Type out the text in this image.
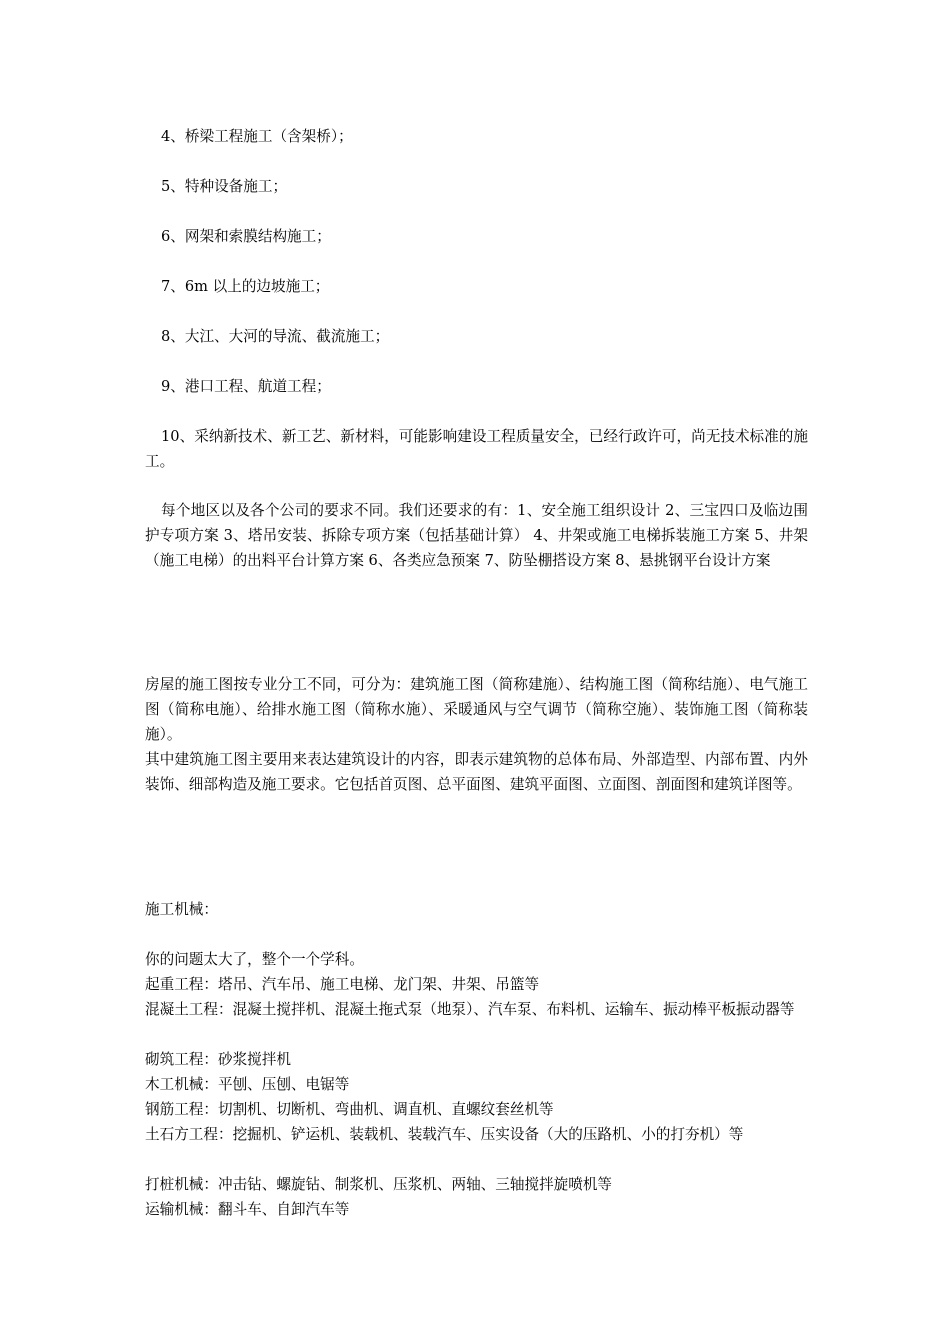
4、桥梁工程施工（含架桥）；
5、特种设备施工；
6、网架和索膜结构施工；
7、6m 以上的边坡施工；
8、大江、大河的导流、截流施工；
9、港口工程、航道工程；
10、采纳新技术、新工艺、新材料，可能影响建设工程质量安全，已经行政许可，尚无技术标准的施工。
每个地区以及各个公司的要求不同。我们还要求的有：1、安全施工组织设计 2、三宝四口及临边围护专项方案 3、塔吊安装、拆除专项方案（包括基础计算） 4、井架或施工电梯拆装施工方案 5、井架（施工电梯）的出料平台计算方案 6、各类应急预案 7、防坠棚搭设方案 8、悬挑钢平台设计方案
房屋的施工图按专业分工不同，可分为：建筑施工图（简称建施）、结构施工图（简称结施）、电气施工图（简称电施）、给排水施工图（简称水施）、采暖通风与空气调节（简称空施）、装饰施工图（简称装施）。
其中建筑施工图主要用来表达建筑设计的内容，即表示建筑物的总体布局、外部造型、内部布置、内外装饰、细部构造及施工要求。它包括首页图、总平面图、建筑平面图、立面图、剖面图和建筑详图等。
施工机械：
你的问题太大了，整个一个学科。
起重工程：塔吊、汽车吊、施工电梯、龙门架、井架、吊篮等
混凝土工程：混凝土搅拌机、混凝土拖式泵（地泵）、汽车泵、布料机、运输车、振动棒平板振动器等
砌筑工程：砂浆搅拌机
木工机械：平刨、压刨、电锯等
钢筋工程：切割机、切断机、弯曲机、调直机、直螺纹套丝机等
土石方工程：挖掘机、铲运机、装载机、装载汽车、压实设备（大的压路机、小的打夯机）等
打桩机械：冲击钻、螺旋钻、制浆机、压浆机、两轴、三轴搅拌旋喷机等
运输机械：翻斗车、自卸汽车等
